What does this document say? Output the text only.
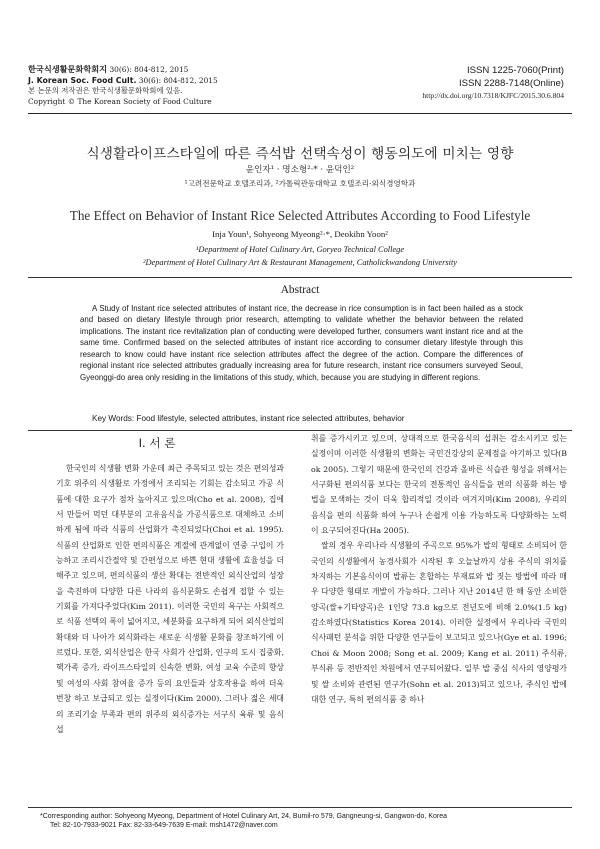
한국식생활문화학회지 30(6): 804-812, 2015
J. Korean Soc. Food Cult. 30(6): 804-812, 2015
본 논문의 저작권은 한국식생활문화학회에 있음.
Copyright © The Korean Society of Food Culture
ISSN 1225-7060(Print)
ISSN 2288-7148(Online)
http://dx.doi.org/10.7318/KJFC/2015.30.6.804
식생활라이프스타일에 따른 즉석밥 선택속성이 행동의도에 미치는 영향
윤인자¹ · 명소형²·* · 윤덕인²
¹고려전문학교 호텔조리과, ²가톨릭관동대학교 호텔조리·외식경영학과
The Effect on Behavior of Instant Rice Selected Attributes According to Food Lifestyle
Inja Youn¹, Sohyeong Myeong²·*, Deokihn Yoon²
¹Department of Hotel Culinary Art, Goryeo Technical College
²Department of Hotel Culinary Art & Restaurant Management, Catholickwandong University
Abstract
A Study of Instant rice selected attributes of instant rice, the decrease in rice consumption is in fact been hailed as a stock and based on dietary lifestyle through prior research, attempting to validate whether the behavior between the related implications. The instant rice revitalization plan of conducting were developed further, consumers want instant rice and at the same time. Confirmed based on the selected attributes of instant rice according to consumer dietary lifestyle through this research to know could have instant rice selection attributes affect the degree of the action. Compare the differences of regional instant rice selected attributes gradually increasing area for future research, instant rice consumers surveyed Seoul, Gyeonggi-do area only residing in the limitations of this study, which, because you are studying in different regions.
Key Words: Food lifestyle, selected attributes, instant rice selected attributes, behavior
Ⅰ. 서 론
한국인의 식생활 변화 가운데 최근 주목되고 있는 것은 편의성과 기호 위주의 식생활로 가정에서 조리되는 기회는 감소되고 가공 식품에 대한 요구가 점차 높아지고 있으며(Cho et al. 2008), 집에서 만들어 먹던 대부분의 고유음식을 가공식품으로 대체하고 소비하게 됨에 따라 식품의 산업화가 촉진되었다(Choi et al. 1995). 식품의 산업화로 인한 편의식품은 계절에 관계없이 연중 구입이 가능하고 조리시간절약 및 간편성으로 바쁜 현대 생활에 효율성을 더해주고 있으며, 편의식품의 생산 확대는 전반적인 외식산업의 성장을 촉진하며 다양한 다른 나라의 음식문화도 손쉽게 접할 수 있는 기회를 가져다주었다(Kim 2011). 이러한 국민의 욕구는 사회적으로 식품 선택의 폭이 넓어지고, 세분화를 요구하게 되어 외식산업의 확대와 더 나아가 외식화라는 새로운 식생활 문화를 창조하기에 이르렀다. 또한, 외식산업은 한국 사회가 산업화, 인구의 도시 집중화, 핵가족 증가, 라이프스타일의 신속한 변화, 여성 교육 수준의 향상 및 여성의 사회 참여율 증가 등의 요인들과 상호작용을 하여 더욱 번창 하고 보급되고 있는 실정이다(Kim 2000). 그러나 젊은 세대의 조리기술 부족과 편의 위주의 외식증가는 서구식 육류 및 음식 섭

취를 증가시키고 있으며, 상대적으로 한국음식의 섭취는 감소시키고 있는 실정이며 이러한 식생활의 변화는 국민건강상의 문제점을 야기하고 있다(Bok 2005). 그렇기 때문에 한국인의 건강과 올바른 식습관 형성을 위해서는 서구화된 편의식품 보다는 한국의 전통적인 음식들을 편의 식품화 하는 방법을 모색하는 것이 더욱 합리적일 것이라 여겨지며(Kim 2008), 우리의 음식을 편의 식품화 하여 누구나 손쉽게 이용 가능하도록 다양화하는 노력이 요구되어진다(Ha 2005).

쌀의 경우 우리나라 식생활의 주곡으로 95%가 밥의 형태로 소비되어 한국인의 식생활에서 농경사회가 시작된 후 오늘날까지 상용 주식의 위치를 차지하는 기본음식이며 밥류는 혼합하는 부재료와 밥 짓는 방법에 따라 매우 다양한 형태로 개발이 가능하다. 그러나 지난 2014년 한 해 동안 소비한 양곡(쌀+기타양곡)은 1인당 73.8 kg으로 전년도에 비해 2.0%(1.5 kg) 감소하였다(Statistics Korea 2014). 이러한 실정에서 우리나라 국민의 식사패턴 분석을 위한 다양한 연구들이 보고되고 있으나(Gye et al. 1996; Choi & Moon 2008; Song et al. 2009; Kang et al. 2011) 주식류, 부식류 등 전반적인 차원에서 연구되어왔다. 일부 밥 중심 식사의 영양평가 및 쌀 소비와 관련된 연구가(Sohn et al. 2013)되고 있으나, 주식인 밥에 대한 연구, 특히 편의식품 중 하나

*Corresponding author: Sohyeong Myeong, Department of Hotel Culinary Art, 24, Bumil-ro 579, Gangneung-si, Gangwon-do, Korea
Tel: 82-10-7933-9021 Fax: 82-33-649-7639 E-mail: msh1472@naver.com
